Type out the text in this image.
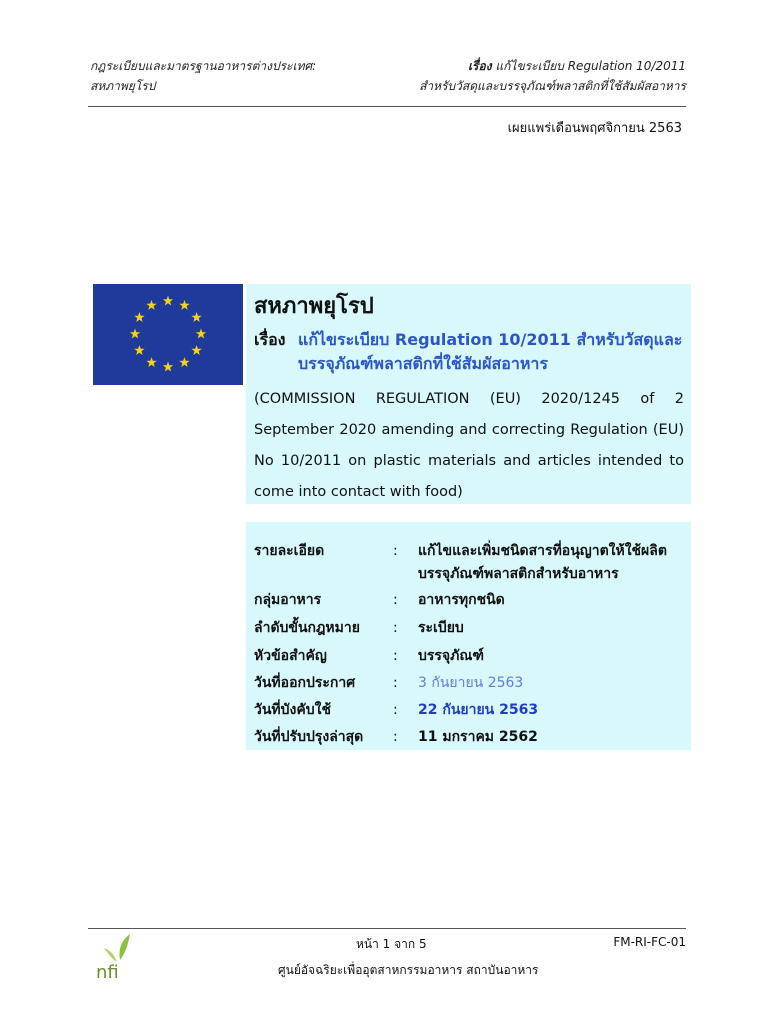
กฎระเบียบและมาตรฐานอาหารต่างประเทศ:
สหภาพยุโรป
เรื่อง แก้ไขระเบียบ Regulation 10/2011
สำหรับวัสดุและบรรจุภัณฑ์พลาสติกที่ใช้สัมผัสอาหาร
เผยแพร่เดือนพฤศจิกายน 2563
สหภาพยุโรป
เรื่อง แก้ไขระเบียบ Regulation 10/2011 สำหรับวัสดุและบรรจุภัณฑ์พลาสติกที่ใช้สัมผัสอาหาร
(COMMISSION REGULATION (EU) 2020/1245 of 2 September 2020 amending and correcting Regulation (EU) No 10/2011 on plastic materials and articles intended to come into contact with food)
รายละเอียด	: แก้ไขและเพิ่มชนิดสารที่อนุญาตให้ใช้ผลิตบรรจุภัณฑ์พลาสติกสำหรับอาหาร
กลุ่มอาหาร	: อาหารทุกชนิด
ลำดับขั้นกฎหมาย	: ระเบียบ
หัวข้อสำคัญ	: บรรจุภัณฑ์
วันที่ออกประกาศ	: 3 กันยายน 2563
วันที่บังคับใช้	: 22 กันยายน 2563
วันที่ปรับปรุงล่าสุด	: 11 มกราคม 2562
nfi
หน้า 1 จาก 5	FM-RI-FC-01
ศูนย์อัจฉริยะเพื่ออุตสาหกรรมอาหาร สถาบันอาหาร
